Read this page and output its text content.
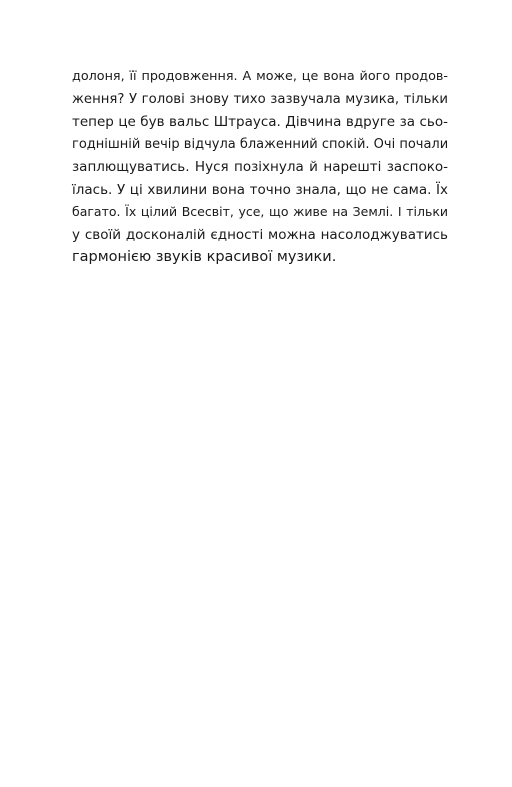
долоня, її продовження. А може, це вона його продов-
ження? У голові знову тихо зазвучала музика, тільки
тепер це був вальс Штрауса. Дівчина вдруге за сьо-
годнішній вечір відчула блаженний спокій. Очі почали
заплющуватись. Нуся позіхнула й нарешті заспоко-
їлась. У ці хвилини вона точно знала, що не сама. Їх
багато. Їх цілий Всесвіт, усе, що живе на Землі. І тільки
у своїй досконалій єдності можна насолоджуватись
гармонією звуків красивої музики.
